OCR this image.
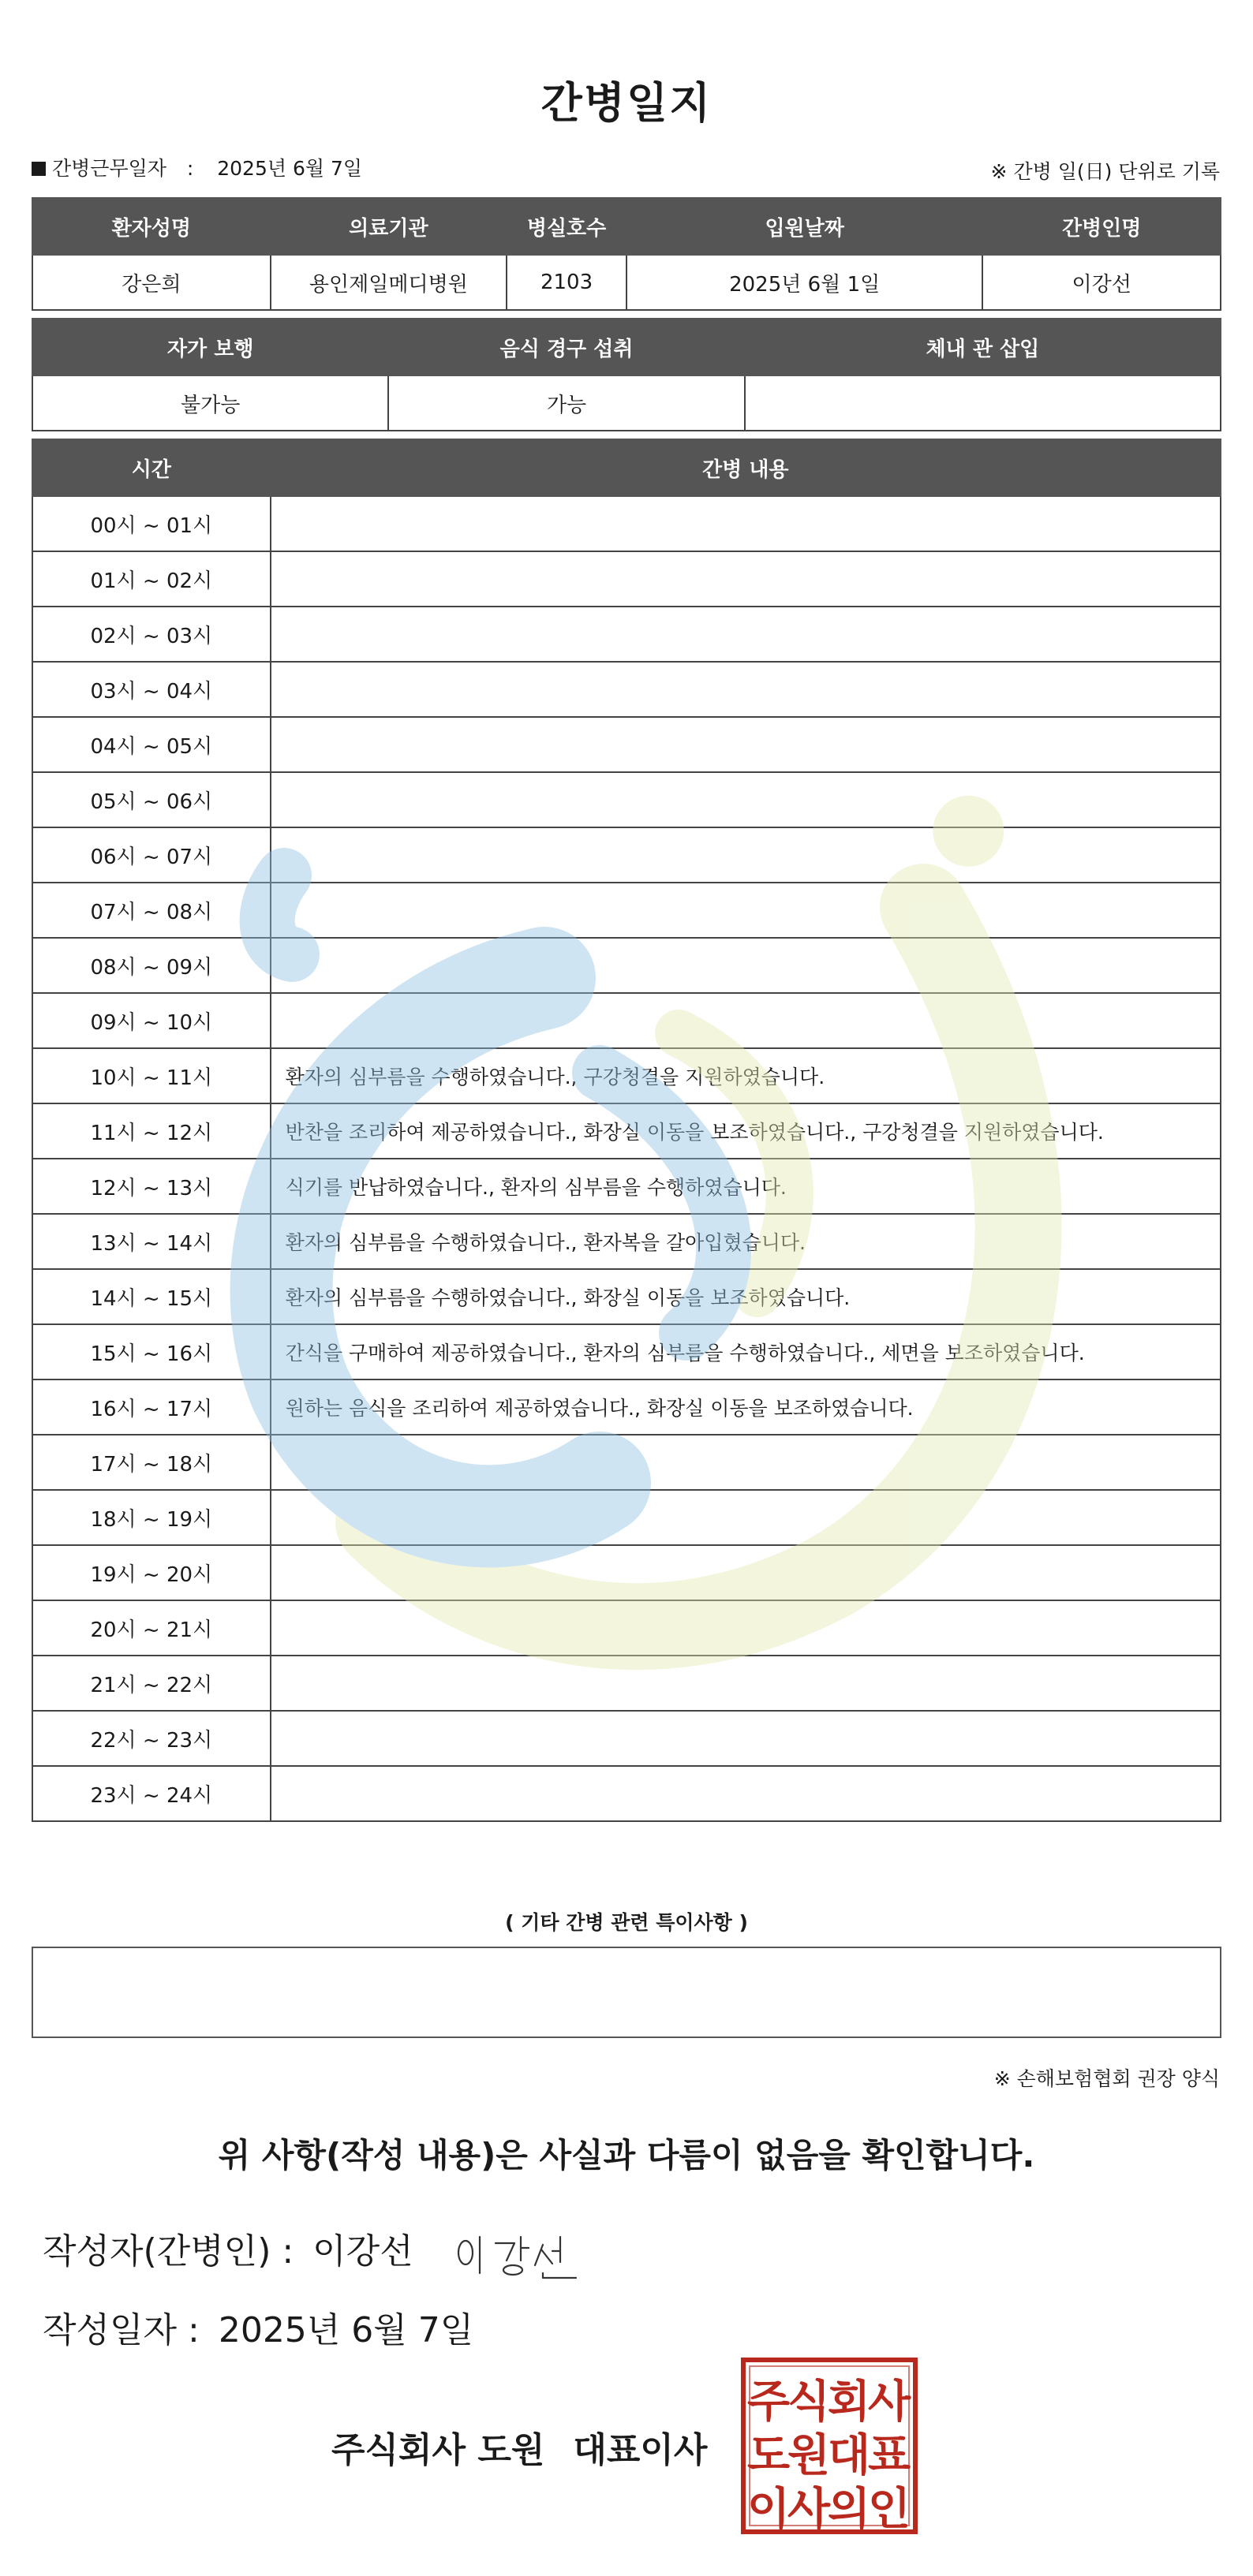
간병일지
간병근무일자 : 2025년 6월 7일	※ 간병 일(日) 단위로 기록
환자성명	의료기관	병실호수	입원날짜	간병인명
강은희	용인제일메디병원	2103	2025년 6월 1일	이강선
자가 보행	음식 경구 섭취	체내 관 삽입
불가능	가능	
시간	간병 내용
00시 ~ 01시	
01시 ~ 02시	
02시 ~ 03시	
03시 ~ 04시	
04시 ~ 05시	
05시 ~ 06시	
06시 ~ 07시	
07시 ~ 08시	
08시 ~ 09시	
09시 ~ 10시	
10시 ~ 11시	환자의 심부름을 수행하였습니다., 구강청결을 지원하였습니다.
11시 ~ 12시	반찬을 조리하여 제공하였습니다., 화장실 이동을 보조하였습니다., 구강청결을 지원하였습니다.
12시 ~ 13시	식기를 반납하였습니다., 환자의 심부름을 수행하였습니다.
13시 ~ 14시	환자의 심부름을 수행하였습니다., 환자복을 갈아입혔습니다.
14시 ~ 15시	환자의 심부름을 수행하였습니다., 화장실 이동을 보조하였습니다.
15시 ~ 16시	간식을 구매하여 제공하였습니다., 환자의 심부름을 수행하였습니다., 세면을 보조하였습니다.
16시 ~ 17시	원하는 음식을 조리하여 제공하였습니다., 화장실 이동을 보조하였습니다.
17시 ~ 18시	
18시 ~ 19시	
19시 ~ 20시	
20시 ~ 21시	
21시 ~ 22시	
22시 ~ 23시	
23시 ~ 24시	
( 기타 간병 관련 특이사항 )
※ 손해보험협회 권장 양식
위 사항(작성 내용)은 사실과 다름이 없음을 확인합니다.
작성자(간병인) : 이강선
작성일자 : 2025년 6월 7일
주식회사 도원 대표이사
주
식
회
사
도
원
대
표
이
사
의
인
